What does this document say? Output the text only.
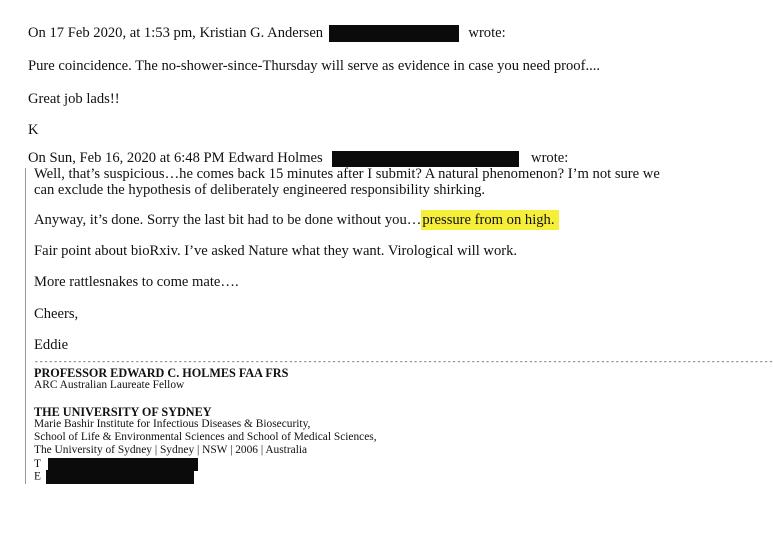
On 17 Feb 2020, at 1:53 pm, Kristian G. Andersen	wrote:
Pure coincidence. The no-shower-since-Thursday will serve as evidence in case you need proof....
Great job lads!!
K
On Sun, Feb 16, 2020 at 6:48 PM Edward Holmes	wrote:
Well, that’s suspicious…he comes back 15 minutes after I submit? A natural phenomenon? I’m not sure we
can exclude the hypothesis of deliberately engineered responsibility shirking.
Anyway, it’s done. Sorry the last bit had to be done without you…pressure from on high.
Fair point about bioRxiv. I’ve asked Nature what they want. Virological will work.
More rattlesnakes to come mate….
Cheers,
Eddie
----------------------------------------------------------------------------------------------------------------------------------------------------------
PROFESSOR EDWARD C. HOLMES FAA FRS
ARC Australian Laureate Fellow
THE UNIVERSITY OF SYDNEY
Marie Bashir Institute for Infectious Diseases & Biosecurity,
School of Life & Environmental Sciences and School of Medical Sciences,
The University of Sydney | Sydney | NSW | 2006 | Australia
T
E
